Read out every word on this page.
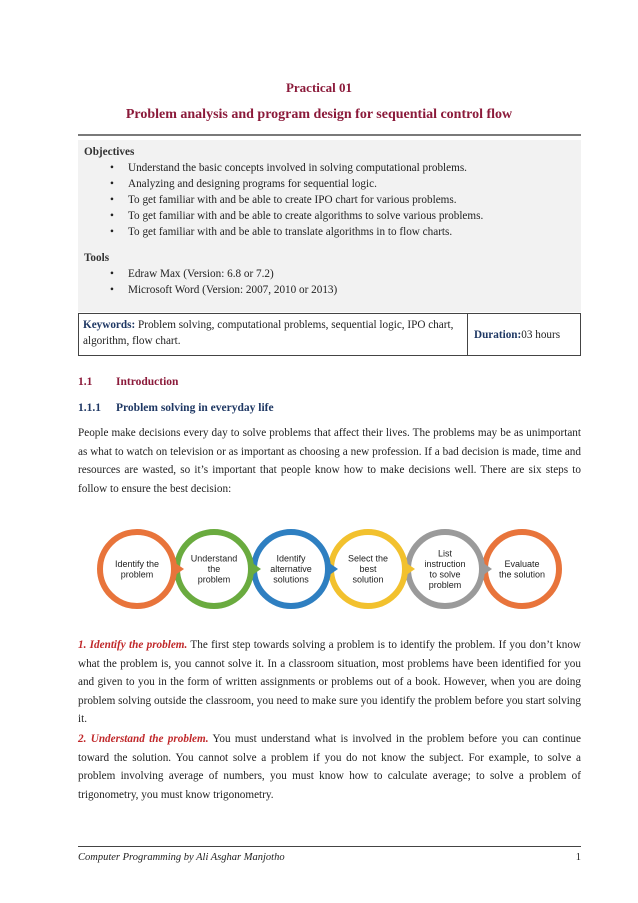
Practical 01
Problem analysis and program design for sequential control flow
Objectives
• Understand the basic concepts involved in solving computational problems.
• Analyzing and designing programs for sequential logic.
• To get familiar with and be able to create IPO chart for various problems.
• To get familiar with and be able to create algorithms to solve various problems.
• To get familiar with and be able to translate algorithms in to flow charts.
Tools
• Edraw Max (Version: 6.8 or 7.2)
• Microsoft Word (Version: 2007, 2010 or 2013)
Keywords: Problem solving, computational problems, sequential logic, IPO chart, algorithm, flow chart.
Duration: 03 hours
1.1 Introduction
1.1.1 Problem solving in everyday life

People make decisions every day to solve problems that affect their lives. The problems may be as unimportant as what to watch on television or as important as choosing a new profession. If a bad decision is made, time and resources are wasted, so it’s important that people know how to make decisions well. There are six steps to follow to ensure the best decision:

Evaluate
the solution
List
instruction
to solve
problem
Select the
best
solution
Identify
alternative
solutions
Understand
the
problem
Identify the
problem

1. Identify the problem. The first step towards solving a problem is to identify the problem. If you don’t know what the problem is, you cannot solve it. In a classroom situation, most problems have been identified for you and given to you in the form of written assignments or problems out of a book. However, when you are doing problem solving outside the classroom, you need to make sure you identify the problem before you start solving it.

2. Understand the problem. You must understand what is involved in the problem before you can continue toward the solution. You cannot solve a problem if you do not know the subject. For example, to solve a problem involving average of numbers, you must know how to calculate average; to solve a problem of trigonometry, you must know trigonometry.

Computer Programming by Ali Asghar Manjotho	1
